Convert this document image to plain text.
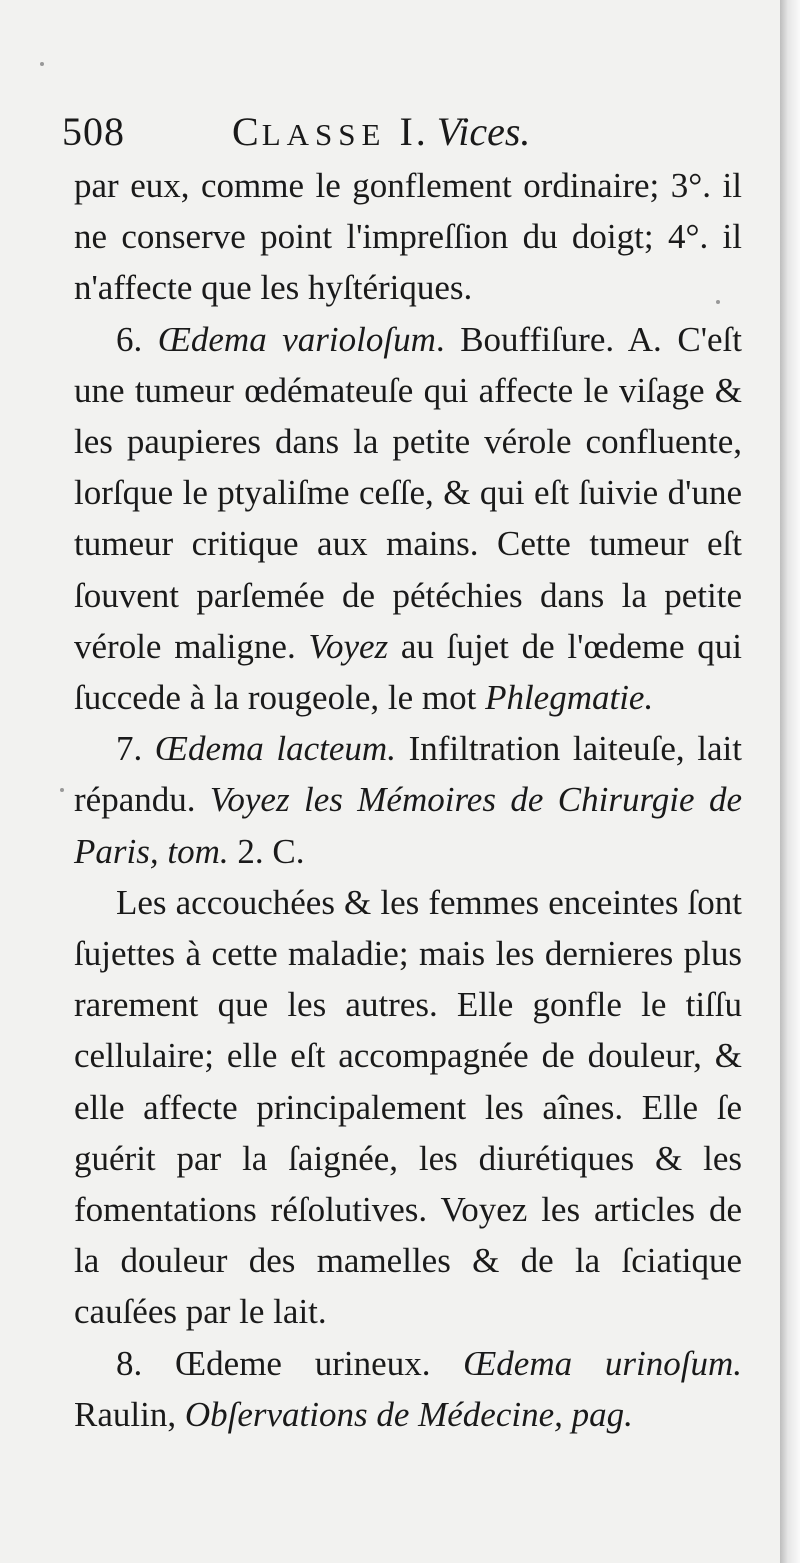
508	CLASSE I. Vices.

par eux, comme le gonflement ordinaire; 3°. il ne conserve point l'impreſſion du doigt; 4°. il n'affecte que les hyſtériques.

6. Œdema varioloſum. Bouffiſure. A. C'eſt une tumeur œdémateuſe qui affecte le viſage & les paupieres dans la petite vérole confluente, lorſque le ptyaliſme ceſſe, & qui eſt ſuivie d'une tumeur critique aux mains. Cette tumeur eſt ſouvent parſemée de pétéchies dans la petite vérole maligne. Voyez au ſujet de l'œdeme qui ſuccede à la rougeole, le mot Phlegmatie.

7. Œdema lacteum. Infiltration laiteuſe, lait répandu. Voyez les Mémoires de Chirurgie de Paris, tom. 2. C.

Les accouchées & les femmes enceintes ſont ſujettes à cette maladie; mais les dernieres plus rarement que les autres. Elle gonfle le tiſſu cellulaire; elle eſt accompagnée de douleur, & elle affecte principalement les aînes. Elle ſe guérit par la ſaignée, les diurétiques & les fomentations réſolutives. Voyez les articles de la douleur des mamelles & de la ſciatique cauſées par le lait.

8. Œdeme urineux. Œdema urinoſum. Raulin, Obſervations de Médecine, pag.
